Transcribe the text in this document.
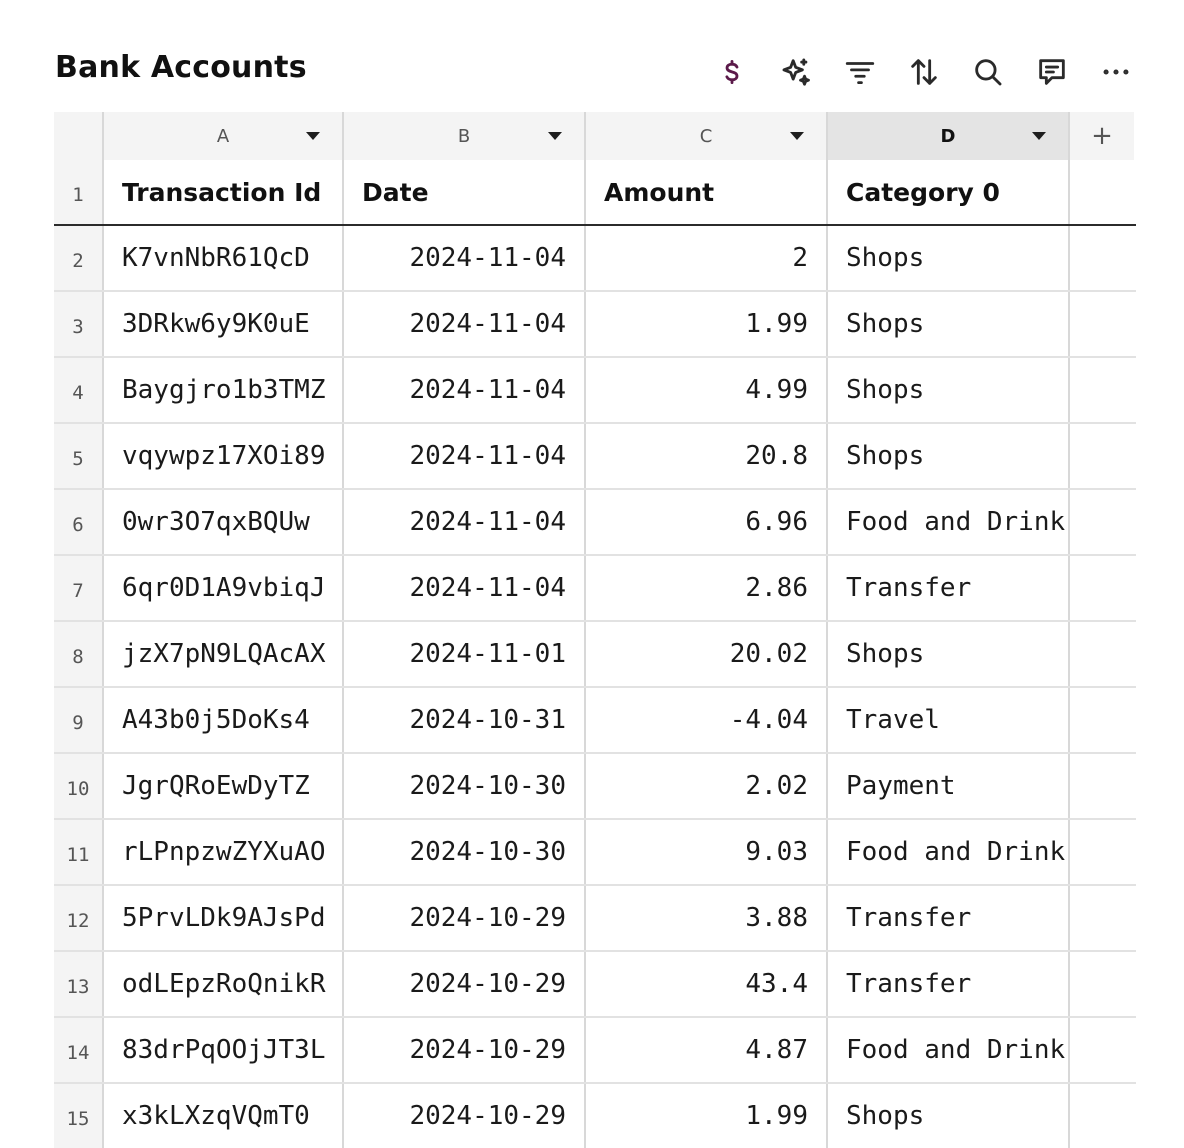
Bank Accounts
A	B	C	D	+
1	Transaction Id	Date	Amount	Category 0
2	K7vnNbR61QcD	2024-11-04	2	Shops
3	3DRkw6y9K0uE	2024-11-04	1.99	Shops
4	Baygjro1b3TMZ	2024-11-04	4.99	Shops
5	vqywpz17XOi89	2024-11-04	20.8	Shops
6	0wr3O7qxBQUw	2024-11-04	6.96	Food and Drink
7	6qr0D1A9vbiqJ	2024-11-04	2.86	Transfer
8	jzX7pN9LQAcAX	2024-11-01	20.02	Shops
9	A43b0j5DoKs4	2024-10-31	-4.04	Travel
10	JgrQRoEwDyTZ	2024-10-30	2.02	Payment
11	rLPnpzwZYXuAO	2024-10-30	9.03	Food and Drink
12	5PrvLDk9AJsPd	2024-10-29	3.88	Transfer
13	odLEpzRoQnikR	2024-10-29	43.4	Transfer
14	83drPqOOjJT3L	2024-10-29	4.87	Food and Drink
15	x3kLXzqVQmT0	2024-10-29	1.99	Shops
